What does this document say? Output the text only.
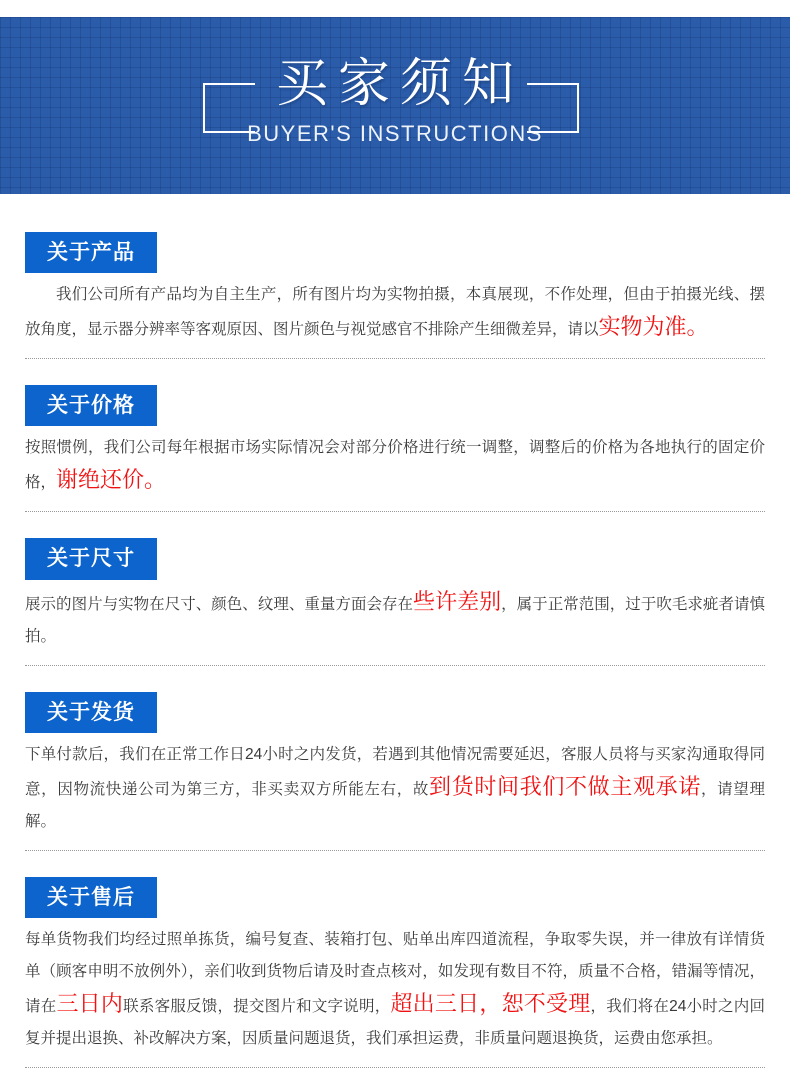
买家须知
BUYER'S INSTRUCTIONS
关于产品

我们公司所有产品均为自主生产，所有图片均为实物拍摄，本真展现，不作处理，但由于拍摄光线、摆放角度，显示器分辨率等客观原因、图片颜色与视觉感官不排除产生细微差异，请以实物为准。

关于价格

按照惯例，我们公司每年根据市场实际情况会对部分价格进行统一调整，调整后的价格为各地执行的固定价格，谢绝还价。

关于尺寸

展示的图片与实物在尺寸、颜色、纹理、重量方面会存在些许差别，属于正常范围，过于吹毛求疵者请慎拍。

关于发货

下单付款后，我们在正常工作日24小时之内发货，若遇到其他情况需要延迟，客服人员将与买家沟通取得同意，因物流快递公司为第三方，非买卖双方所能左右，故到货时间我们不做主观承诺，请望理解。

关于售后

每单货物我们均经过照单拣货，编号复查、装箱打包、贴单出库四道流程，争取零失误，并一律放有详情货单（顾客申明不放例外），亲们收到货物后请及时查点核对，如发现有数目不符，质量不合格，错漏等情况，请在三日内联系客服反馈，提交图片和文字说明，超出三日，恕不受理，我们将在24小时之内回复并提出退换、补改解决方案，因质量问题退货，我们承担运费，非质量问题退换货，运费由您承担。
